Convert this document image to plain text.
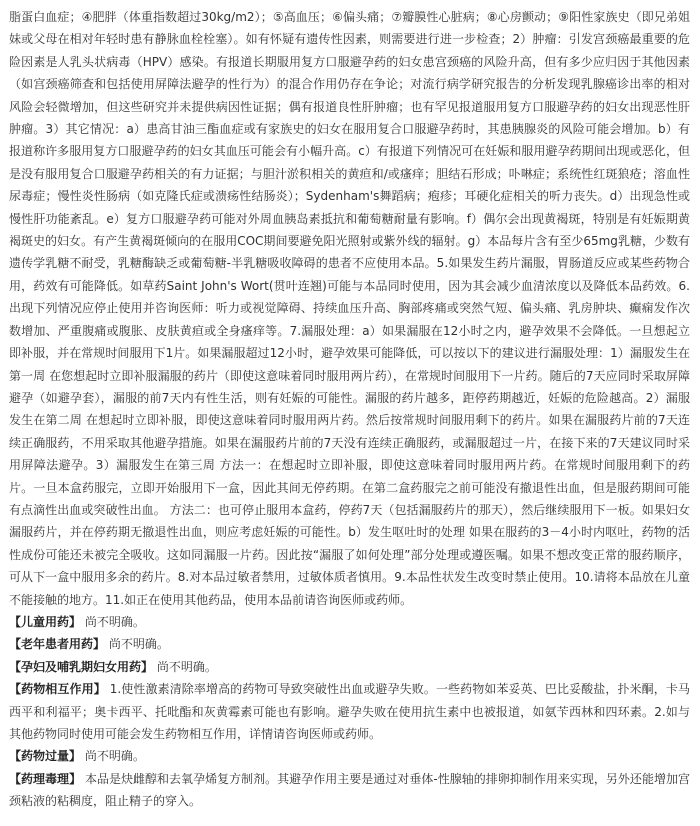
脂蛋白血症；④肥胖（体重指数超过30kg/m2）；⑤高血压；⑥偏头痛；⑦瓣膜性心脏病；⑧心房颤动；⑨阳性家族史（即兄弟姐妹或父母在相对年轻时患有静脉血栓栓塞）。如有怀疑有遗传性因素，则需要进行进一步检查；2）肿瘤：引发宫颈癌最重要的危险因素是人乳头状病毒（HPV）感染。有报道长期服用复方口服避孕药的妇女患宫颈癌的风险升高，但有多少应归因于其他因素（如宫颈癌筛查和包括使用屏障法避孕的性行为）的混合作用仍存在争论；对流行病学研究报告的分析发现乳腺癌诊出率的相对风险会轻微增加，但这些研究并未提供病因性证据；偶有报道良性肝肿瘤；也有罕见报道服用复方口服避孕药的妇女出现恶性肝肿瘤。3）其它情况：a）患高甘油三酯血症或有家族史的妇女在服用复合口服避孕药时，其患胰腺炎的风险可能会增加。b）有报道称许多服用复方口服避孕药的妇女其血压可能会有小幅升高。c）有报道下列情况可在妊娠和服用避孕药期间出现或恶化，但是没有服用复合口服避孕药相关的有力证据；与胆汁淤积相关的黄疸和/或瘙痒；胆结石形成；卟啉症；系统性红斑狼疮；溶血性尿毒症；慢性炎性肠病（如克隆氏症或溃疡性结肠炎）；Sydenham's舞蹈病；疱疹；耳硬化症相关的听力丧失。d）出现急性或慢性肝功能紊乱。e）复方口服避孕药可能对外周血胰岛素抵抗和葡萄糖耐量有影响。f）偶尔会出现黄褐斑，特别是有妊娠期黄褐斑史的妇女。有产生黄褐斑倾向的在服用COC期间要避免阳光照射或紫外线的辐射。g）本品每片含有至少65mg乳糖，少数有遗传学乳糖不耐受，乳糖酶缺乏或葡萄糖-半乳糖吸收障碍的患者不应使用本品。5.如果发生药片漏服，胃肠道反应或某些药物合用，药效有可能降低。如草药Saint John's Wort(贯叶连翘)可能与本品同时使用，因为其会减少血清浓度以及降低本品药效。6.出现下列情况应停止使用并咨询医师：听力或视觉障碍、持续血压升高、胸部疼痛或突然气短、偏头痛、乳房肿块、癫痫发作次数增加、严重腹痛或腹胀、皮肤黄疸或全身瘙痒等。7.漏服处理：a）如果漏服在12小时之内，避孕效果不会降低。一旦想起立即补服，并在常规时间服用下1片。如果漏服超过12小时，避孕效果可能降低，可以按以下的建议进行漏服处理：1）漏服发生在第一周 在您想起时立即补服漏服的药片（即使这意味着同时服用两片药），在常规时间服用下一片药。随后的7天应同时采取屏障避孕（如避孕套），漏服的前7天内有性生活，则有妊娠的可能性。漏服的药片越多，距停药期越近，妊娠的危险越高。2）漏服发生在第二周 在想起时立即补服，即使这意味着同时服用两片药。然后按常规时间服用剩下的药片。如果在漏服药片前的7天连续正确服药，不用采取其他避孕措施。如果在漏服药片前的7天没有连续正确服药，或漏服超过一片，在接下来的7天建议同时采用屏障法避孕。3）漏服发生在第三周 方法一：在想起时立即补服，即使这意味着同时服用两片药。在常规时间服用剩下的药片。一旦本盒药服完，立即开始服用下一盒，因此其间无停药期。在第二盒药服完之前可能没有撤退性出血，但是服药期间可能有点滴性出血或突破性出血。 方法二：也可停止服用本盒药，停药7天（包括漏服药片的那天），然后继续服用下一板。如果妇女漏服药片，并在停药期无撤退性出血，则应考虑妊娠的可能性。b）发生呕吐时的处理 如果在服药的3－4小时内呕吐，药物的活性成份可能还未被完全吸收。这如同漏服一片药。因此按“漏服了如何处理”部分处理或遵医嘱。如果不想改变正常的服药顺序，可从下一盒中服用多余的药片。8.对本品过敏者禁用，过敏体质者慎用。9.本品性状发生改变时禁止使用。10.请将本品放在儿童不能接触的地方。11.如正在使用其他药品，使用本品前请咨询医师或药师。

【儿童用药】 尚不明确。

【老年患者用药】 尚不明确。

【孕妇及哺乳期妇女用药】 尚不明确。

【药物相互作用】 1.使性激素清除率增高的药物可导致突破性出血或避孕失败。一些药物如苯妥英、巴比妥酸盐，扑米酮，卡马西平和利福平；奥卡西平、托吡酯和灰黄霉素可能也有影响。避孕失败在使用抗生素中也被报道，如氨苄西林和四环素。2.如与其他药物同时使用可能会发生药物相互作用，详情请咨询医师或药师。

【药物过量】 尚不明确。

【药理毒理】 本品是炔雌醇和去氧孕烯复方制剂。其避孕作用主要是通过对垂体-性腺轴的排卵抑制作用来实现，另外还能增加宫颈粘液的粘稠度，阻止精子的穿入。
